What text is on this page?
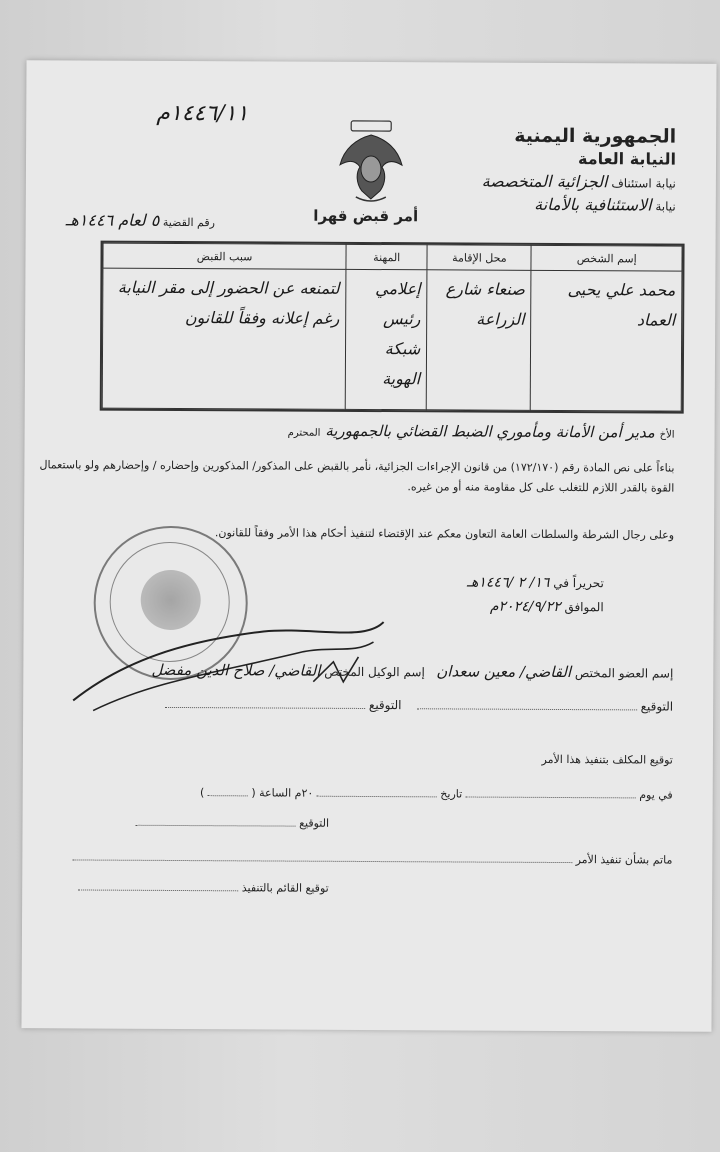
الجمهورية اليمنية
النيابة العامة
نيابة استئناف الجزائية المتخصصة
نيابة الاستئنافية بالأمانة
أمر قبض قهرا
١٤٤٦/١١م
رقم القضية ٥ لعام ١٤٤٦هـ
إسم الشخص	محل الإقامة	المهنة	سبب القبض
محمد علي يحيى العماد	صنعاء شارع الزراعة	إعلامي رئيس شبكة الهوية	لتمنعه عن الحضور إلى مقر النيابة رغم إعلانه وفقاً للقانون
الأخ مدير أمن الأمانة ومأموري الضبط القضائي بالجمهورية المحترم
بناءاً على نص المادة رقم (١٧٢/١٧٠) من قانون الإجراءات الجزائية، نأمر بالقبض على المذكور/ المذكورين وإحضاره / وإحضارهم ولو باستعمال القوة بالقدر اللازم للتغلب على كل مقاومة منه أو من غيره.
وعلى رجال الشرطة والسلطات العامة التعاون معكم عند الإقتضاء لتنفيذ أحكام هذا الأمر وفقاً للقانون.
تحريراً في ١٦/ ٢ /١٤٤٦هـ
الموافق ٢٠٢٤/٩/٢٢م
إسم العضو المختص القاضي/ معين سعدان   إسم الوكيل المختص القاضي/ صلاح الدين مفضل
التوقيع     التوقيع
توقيع المكلف بتنفيذ هذا الأمر
في يوم  تاريخ  ٢٠م الساعة (  )
التوقيع
ماتم بشأن تنفيذ الأمر
توقيع القائم بالتنفيذ
